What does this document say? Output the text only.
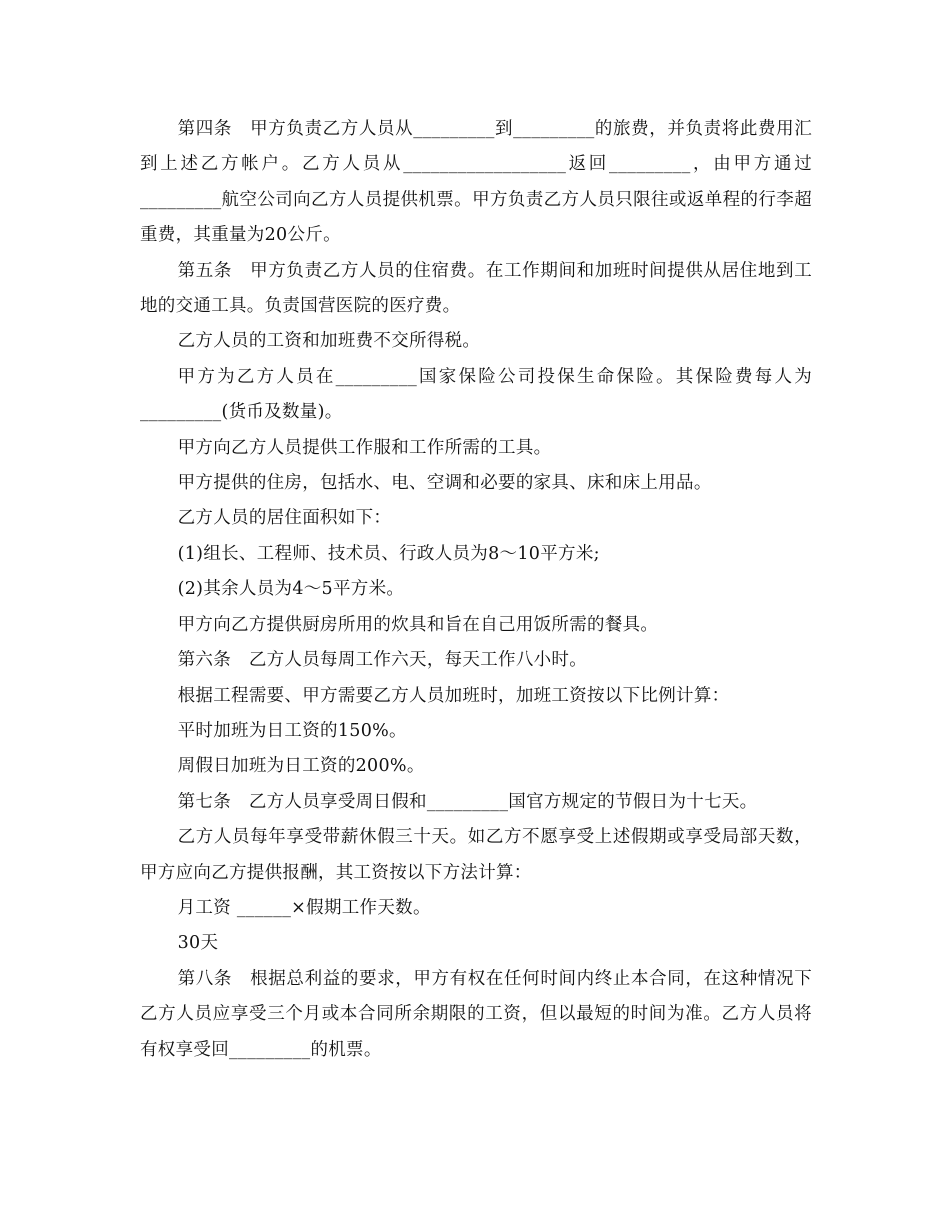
第四条　甲方负责乙方人员从_________到_________的旅费，并负责将此费用汇到上述乙方帐户。乙方人员从__________________返回_________，由甲方通过_________航空公司向乙方人员提供机票。甲方负责乙方人员只限往或返单程的行李超重费，其重量为20公斤。

第五条　甲方负责乙方人员的住宿费。在工作期间和加班时间提供从居住地到工地的交通工具。负责国营医院的医疗费。

乙方人员的工资和加班费不交所得税。

甲方为乙方人员在_________国家保险公司投保生命保险。其保险费每人为_________(货币及数量)。

甲方向乙方人员提供工作服和工作所需的工具。

甲方提供的住房，包括水、电、空调和必要的家具、床和床上用品。

乙方人员的居住面积如下：

(1)组长、工程师、技术员、行政人员为8～10平方米;

(2)其余人员为4～5平方米。

甲方向乙方提供厨房所用的炊具和旨在自己用饭所需的餐具。

第六条　乙方人员每周工作六天，每天工作八小时。

根据工程需要、甲方需要乙方人员加班时，加班工资按以下比例计算：

平时加班为日工资的150%。

周假日加班为日工资的200%。

第七条　乙方人员享受周日假和_________国官方规定的节假日为十七天。

乙方人员每年享受带薪休假三十天。如乙方不愿享受上述假期或享受局部天数，甲方应向乙方提供报酬，其工资按以下方法计算：

月工资 ______×假期工作天数。

30天

第八条　根据总利益的要求，甲方有权在任何时间内终止本合同，在这种情况下乙方人员应享受三个月或本合同所余期限的工资，但以最短的时间为准。乙方人员将有权享受回_________的机票。
